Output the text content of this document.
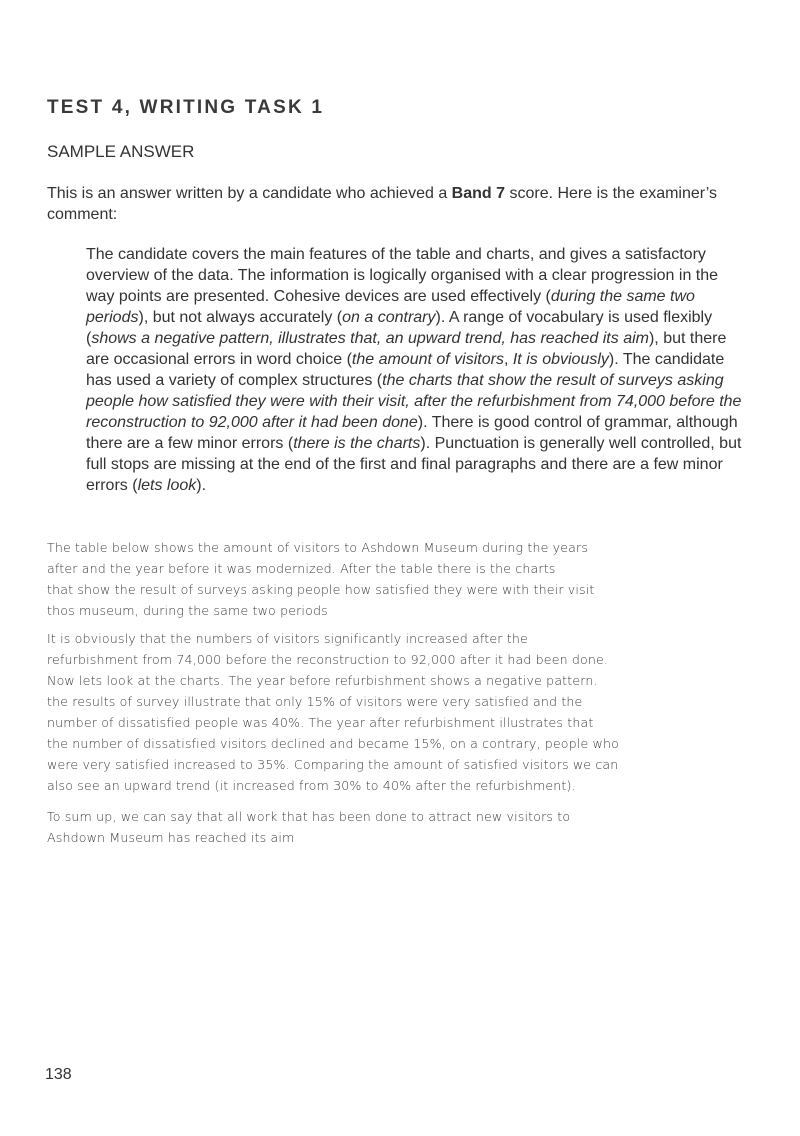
TEST 4, WRITING TASK 1
SAMPLE ANSWER
This is an answer written by a candidate who achieved a Band 7 score. Here is the examiner’s comment:
The candidate covers the main features of the table and charts, and gives a satisfactory overview of the data. The information is logically organised with a clear progression in the way points are presented. Cohesive devices are used effectively (during the same two periods), but not always accurately (on a contrary). A range of vocabulary is used flexibly (shows a negative pattern, illustrates that, an upward trend, has reached its aim), but there are occasional errors in word choice (the amount of visitors, It is obviously). The candidate has used a variety of complex structures (the charts that show the result of surveys asking people how satisfied they were with their visit, after the refurbishment from 74,000 before the reconstruction to 92,000 after it had been done). There is good control of grammar, although there are a few minor errors (there is the charts). Punctuation is generally well controlled, but full stops are missing at the end of the first and final paragraphs and there are a few minor errors (lets look).
The table below shows the amount of visitors to Ashdown Museum during the years
after and the year before it was modernized. After the table there is the charts
that show the result of surveys asking people how satisfied they were with their visit
thos museum, during the same two periods
It is obviously that the numbers of visitors significantly increased after the
refurbishment from 74,000 before the reconstruction to 92,000 after it had been done.
Now lets look at the charts. The year before refurbishment shows a negative pattern.
the results of survey illustrate that only 15% of visitors were very satisfied and the
number of dissatisfied people was 40%. The year after refurbishment illustrates that
the number of dissatisfied visitors declined and became 15%, on a contrary, people who
were very satisfied increased to 35%. Comparing the amount of satisfied visitors we can
also see an upward trend (it increased from 30% to 40% after the refurbishment).
To sum up, we can say that all work that has been done to attract new visitors to
Ashdown Museum has reached its aim
138
